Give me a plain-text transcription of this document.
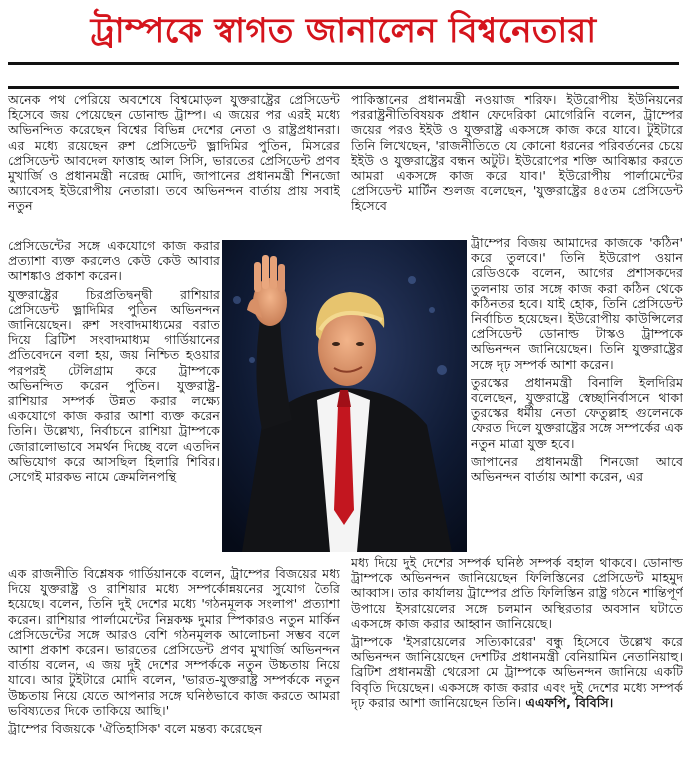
ট্রাম্পকে স্বাগত জানালেন বিশ্বনেতারা

অনেক পথ পেরিয়ে অবশেষে বিশ্বমোড়ল যুক্তরাষ্ট্রের প্রেসিডেন্ট হিসেবে জয় পেয়েছেন ডোনাল্ড ট্রাম্প। এ জয়ের পর এরই মধ্যে অভিনন্দিত করেছেন বিশ্বের বিভিন্ন দেশের নেতা ও রাষ্ট্রপ্রধানরা। এর মধ্যে রয়েছেন রুশ প্রেসিডেন্ট ভ্লাদিমির পুতিন, মিসরের প্রেসিডেন্ট আবদেল ফাত্তাহ আল সিসি, ভারতের প্রেসিডেন্ট প্রণব মুখার্জি ও প্রধানমন্ত্রী নরেন্দ্র মোদি, জাপানের প্রধানমন্ত্রী শিনজো অ্যাবেসহ ইউরোপীয় নেতারা। তবে অভিনন্দন বার্তায় প্রায় সবাই নতুন

পাকিস্তানের প্রধানমন্ত্রী নওয়াজ শরিফ। ইউরোপীয় ইউনিয়নের পররাষ্ট্রনীতিবিষয়ক প্রধান ফেদেরিকা মোগেরিনি বলেন, ট্রাম্পের জয়ের পরও ইইউ ও যুক্তরাষ্ট্র একসঙ্গে কাজ করে যাবে। টুইটারে তিনি লিখেছেন, 'রাজনীতিতে যে কোনো ধরনের পরিবর্তনের চেয়ে ইইউ ও যুক্তরাষ্ট্রের বন্ধন অটুট। ইউরোপের শক্তি আবিষ্কার করতে আমরা একসঙ্গে কাজ করে যাব।' ইউরোপীয় পার্লামেন্টের প্রেসিডেন্ট মার্টিন শুলজ বলেছেন, 'যুক্তরাষ্ট্রের ৪৫তম প্রেসিডেন্ট হিসেবে

প্রেসিডেন্টের সঙ্গে একযোগে কাজ করার প্রত্যাশা ব্যক্ত করলেও কেউ কেউ আবার আশঙ্কাও প্রকাশ করেন।

যুক্তরাষ্ট্রের চিরপ্রতিদ্বন্দ্বী রাশিয়ার প্রেসিডেন্ট ভ্লাদিমির পুতিন অভিনন্দন জানিয়েছেন। রুশ সংবাদমাধ্যমের বরাত দিয়ে ব্রিটিশ সংবাদমাধ্যম গার্ডিয়ানের প্রতিবেদনে বলা হয়, জয় নিশ্চিত হওয়ার পরপরই টেলিগ্রাম করে ট্রাম্পকে অভিনন্দিত করেন পুতিন। যুক্তরাষ্ট্র-রাশিয়ার সম্পর্ক উন্নত করার লক্ষ্যে একযোগে কাজ করার আশা ব্যক্ত করেন তিনি। উল্লেখ্য, নির্বাচনে রাশিয়া ট্রাম্পকে জোরালোভাবে সমর্থন দিচ্ছে বলে এতদিন অভিযোগ করে আসছিল হিলারি শিবির। সেগেই মারকভ নামে ক্রেমলিনপন্থি

ট্রাম্পের বিজয় আমাদের কাজকে 'কঠিন' করে তুলবে।' তিনি ইউরোপ ওয়ান রেডিওকে বলেন, আগের প্রশাসকদের তুলনায় তার সঙ্গে কাজ করা কঠিন থেকে কঠিনতর হবে। যাই হোক, তিনি প্রেসিডেন্ট নির্বাচিত হয়েছেন। ইউরোপীয় কাউন্সিলের প্রেসিডেন্ট ডোনাল্ড টাস্কও ট্রাম্পকে অভিনন্দন জানিয়েছেন। তিনি যুক্তরাষ্ট্রের সঙ্গে দৃঢ় সম্পর্ক আশা করেন।

তুরস্কের প্রধানমন্ত্রী বিনালি ইলদিরিম বলেছেন, যুক্তরাষ্ট্রে স্বেচ্ছানির্বাসনে থাকা তুরস্কের ধর্মীয় নেতা ফেতুল্লাহ গুলেনকে ফেরত দিলে যুক্তরাষ্ট্রের সঙ্গে সম্পর্কের এক নতুন মাত্রা যুক্ত হবে।

জাপানের প্রধানমন্ত্রী শিনজো আবে অভিনন্দন বার্তায় আশা করেন, এর

এক রাজনীতি বিশ্লেষক গার্ডিয়ানকে বলেন, ট্রাম্পের বিজয়ের মধ্য দিয়ে যুক্তরাষ্ট্র ও রাশিয়ার মধ্যে সম্পর্কোন্নয়নের সুযোগ তৈরি হয়েছে। বলেন, তিনি দুই দেশের মধ্যে 'গঠনমূলক সংলাপ' প্রত্যাশা করেন। রাশিয়ার পার্লামেন্টের নিম্নকক্ষ দুমার স্পিকারও নতুন মার্কিন প্রেসিডেন্টের সঙ্গে আরও বেশি গঠনমূলক আলোচনা সম্ভব বলে আশা প্রকাশ করেন। ভারতের প্রেসিডেন্ট প্রণব মুখার্জি অভিনন্দন বার্তায় বলেন, এ জয় দুই দেশের সম্পর্ককে নতুন উচ্চতায় নিয়ে যাবে। আর টুইটারে মোদি বলেন, 'ভারত-যুক্তরাষ্ট্র সম্পর্ককে নতুন উচ্চতায় নিয়ে যেতে আপনার সঙ্গে ঘনিষ্ঠভাবে কাজ করতে আমরা ভবিষ্যতের দিকে তাকিয়ে আছি।'

ট্রাম্পের বিজয়কে 'ঐতিহাসিক' বলে মন্তব্য করেছেন

মধ্য দিয়ে দুই দেশের সম্পর্ক ঘনিষ্ঠ সম্পর্ক বহাল থাকবে। ডোনাল্ড ট্রাম্পকে অভিনন্দন জানিয়েছেন ফিলিস্তিনের প্রেসিডেন্ট মাহমুদ আব্বাস। তার কার্যালয় ট্রাম্পের প্রতি ফিলিস্তিন রাষ্ট্র গঠনে শান্তিপূর্ণ উপায়ে ইসরায়েলের সঙ্গে চলমান অস্থিরতার অবসান ঘটাতে একসঙ্গে কাজ করার আহ্বান জানিয়েছে।

ট্রাম্পকে 'ইসরায়েলের সত্যিকারের' বন্ধু হিসেবে উল্লেখ করে অভিনন্দন জানিয়েছেন দেশটির প্রধানমন্ত্রী বেনিয়ামিন নেতানিয়াহু। ব্রিটিশ প্রধানমন্ত্রী থেরেসা মে ট্রাম্পকে অভিনন্দন জানিয়ে একটি বিবৃতি দিয়েছেন। একসঙ্গে কাজ করার এবং দুই দেশের মধ্যে সম্পর্ক দৃঢ় করার আশা জানিয়েছেন তিনি। এএফপি, বিবিসি।
